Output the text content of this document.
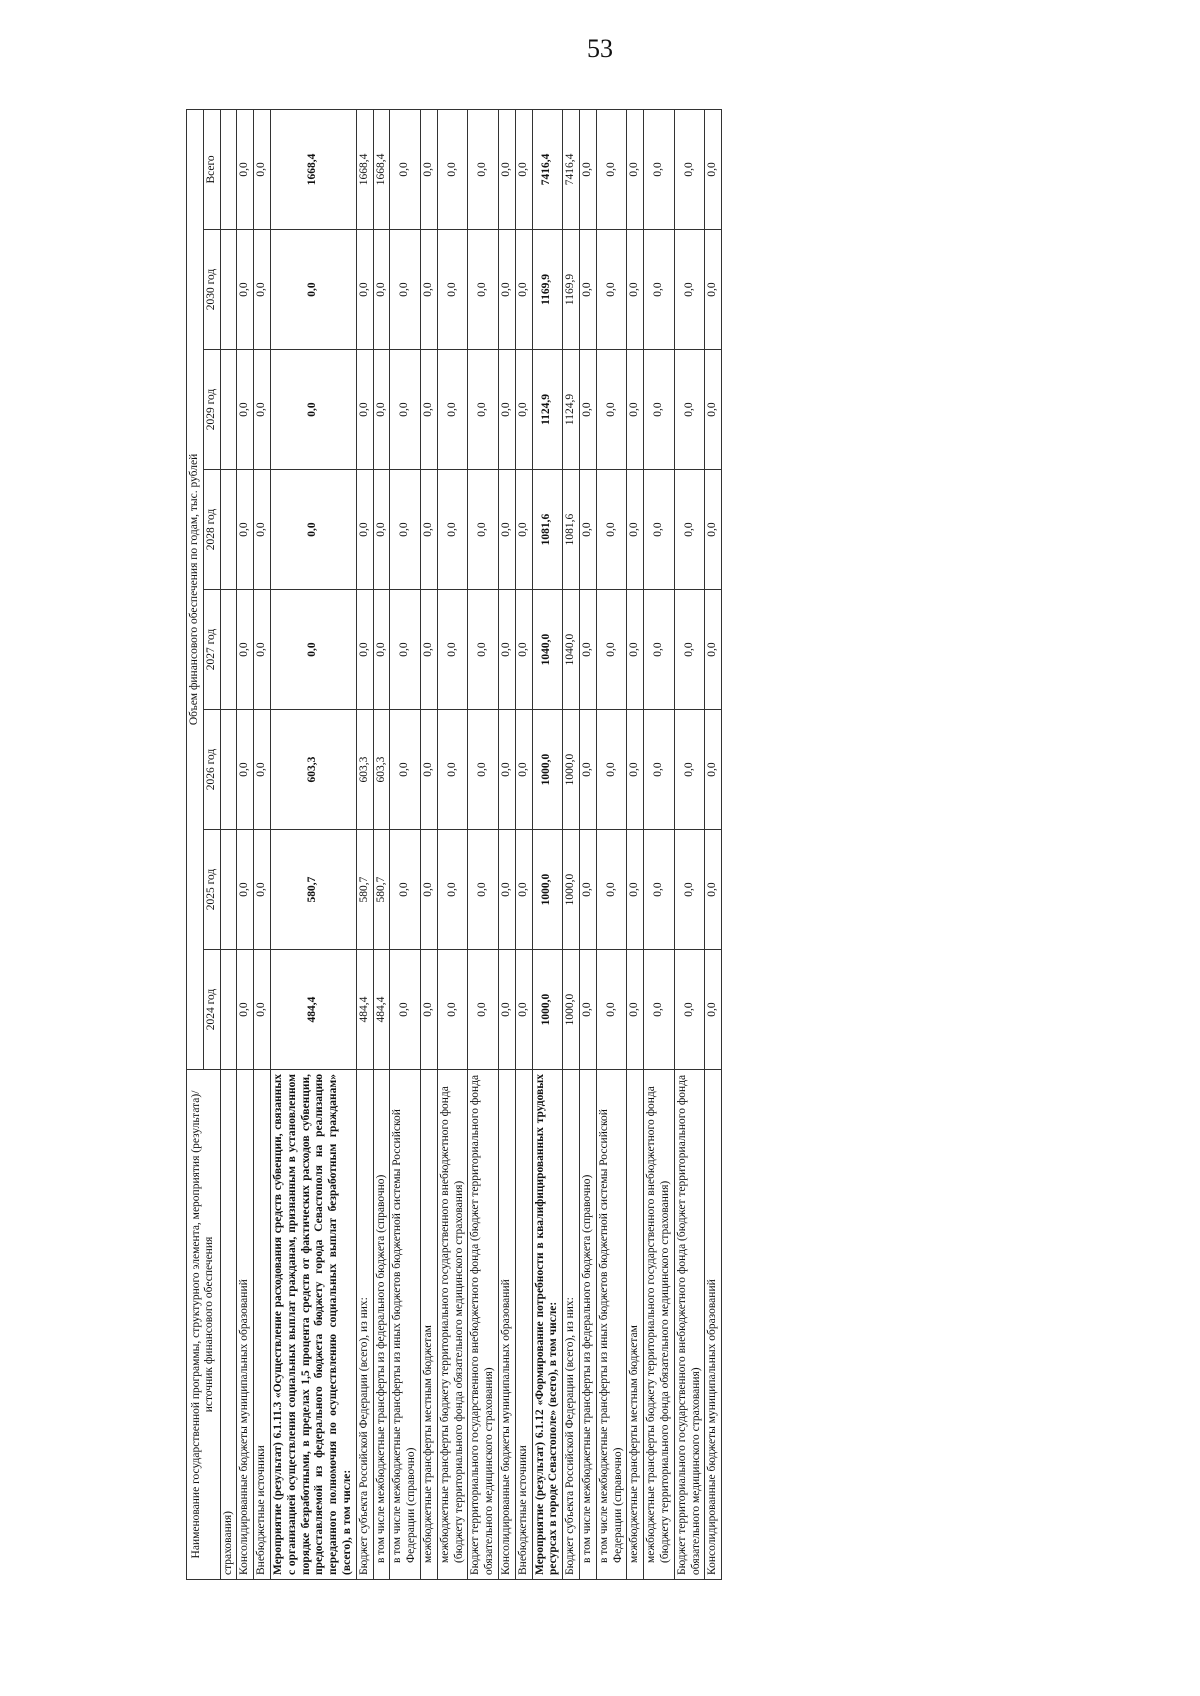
53
Наименование государственной программы, структурного элемента, мероприятия (результата)/источник финансового обеспечения	Объем финансового обеспечения по годам, тыс. рублей							
	2024 год	2025 год	2026 год	2027 год	2028 год	2029 год	2030 год	Всего
страхования)								
Консолидированные бюджеты муниципальных образований	0,0	0,0	0,0	0,0	0,0	0,0	0,0	0,0
Внебюджетные источники	0,0	0,0	0,0	0,0	0,0	0,0	0,0	0,0
Мероприятие (результат) 6.1.11.3 «Осуществление расходования средств субвенции, связанных с организацией осуществления социальных выплат гражданам, признанным в установленном порядке безработными, в пределах 1,5 процента средств от фактических расходов субвенции, предоставляемой из федерального бюджета бюджету города Севастополя на реализацию переданного полномочия по осуществлению социальных выплат безработным гражданам» (всего), в том числе:	484,4	580,7	603,3	0,0	0,0	0,0	0,0	1668,4
Бюджет субъекта Российской Федерации (всего), из них:	484,4	580,7	603,3	0,0	0,0	0,0	0,0	1668,4
в том числе межбюджетные трансферты из федерального бюджета (справочно)	484,4	580,7	603,3	0,0	0,0	0,0	0,0	1668,4
в том числе межбюджетные трансферты из иных бюджетов бюджетной системы Российской Федерации (справочно)	0,0	0,0	0,0	0,0	0,0	0,0	0,0	0,0
межбюджетные трансферты местным бюджетам	0,0	0,0	0,0	0,0	0,0	0,0	0,0	0,0
межбюджетные трансферты бюджету территориального государственного внебюджетного фонда (бюджету территориального фонда обязательного медицинского страхования)	0,0	0,0	0,0	0,0	0,0	0,0	0,0	0,0
Бюджет территориального государственного внебюджетного фонда (бюджет территориального фонда обязательного медицинского страхования)	0,0	0,0	0,0	0,0	0,0	0,0	0,0	0,0
Консолидированные бюджеты муниципальных образований	0,0	0,0	0,0	0,0	0,0	0,0	0,0	0,0
Внебюджетные источники	0,0	0,0	0,0	0,0	0,0	0,0	0,0	0,0
Мероприятие (результат) 6.1.12 «Формирование потребности в квалифицированных трудовых ресурсах в городе Севастополе» (всего), в том числе:	1000,0	1000,0	1000,0	1040,0	1081,6	1124,9	1169,9	7416,4
Бюджет субъекта Российской Федерации (всего), из них:	1000,0	1000,0	1000,0	1040,0	1081,6	1124,9	1169,9	7416,4
в том числе межбюджетные трансферты из федерального бюджета (справочно)	0,0	0,0	0,0	0,0	0,0	0,0	0,0	0,0
в том числе межбюджетные трансферты из иных бюджетов бюджетной системы Российской Федерации (справочно)	0,0	0,0	0,0	0,0	0,0	0,0	0,0	0,0
межбюджетные трансферты местным бюджетам	0,0	0,0	0,0	0,0	0,0	0,0	0,0	0,0
межбюджетные трансферты бюджету территориального государственного внебюджетного фонда (бюджету территориального фонда обязательного медицинского страхования)	0,0	0,0	0,0	0,0	0,0	0,0	0,0	0,0
Бюджет территориального государственного внебюджетного фонда (бюджет территориального фонда обязательного медицинского страхования)	0,0	0,0	0,0	0,0	0,0	0,0	0,0	0,0
Консолидированные бюджеты муниципальных образований	0,0	0,0	0,0	0,0	0,0	0,0	0,0	0,0
